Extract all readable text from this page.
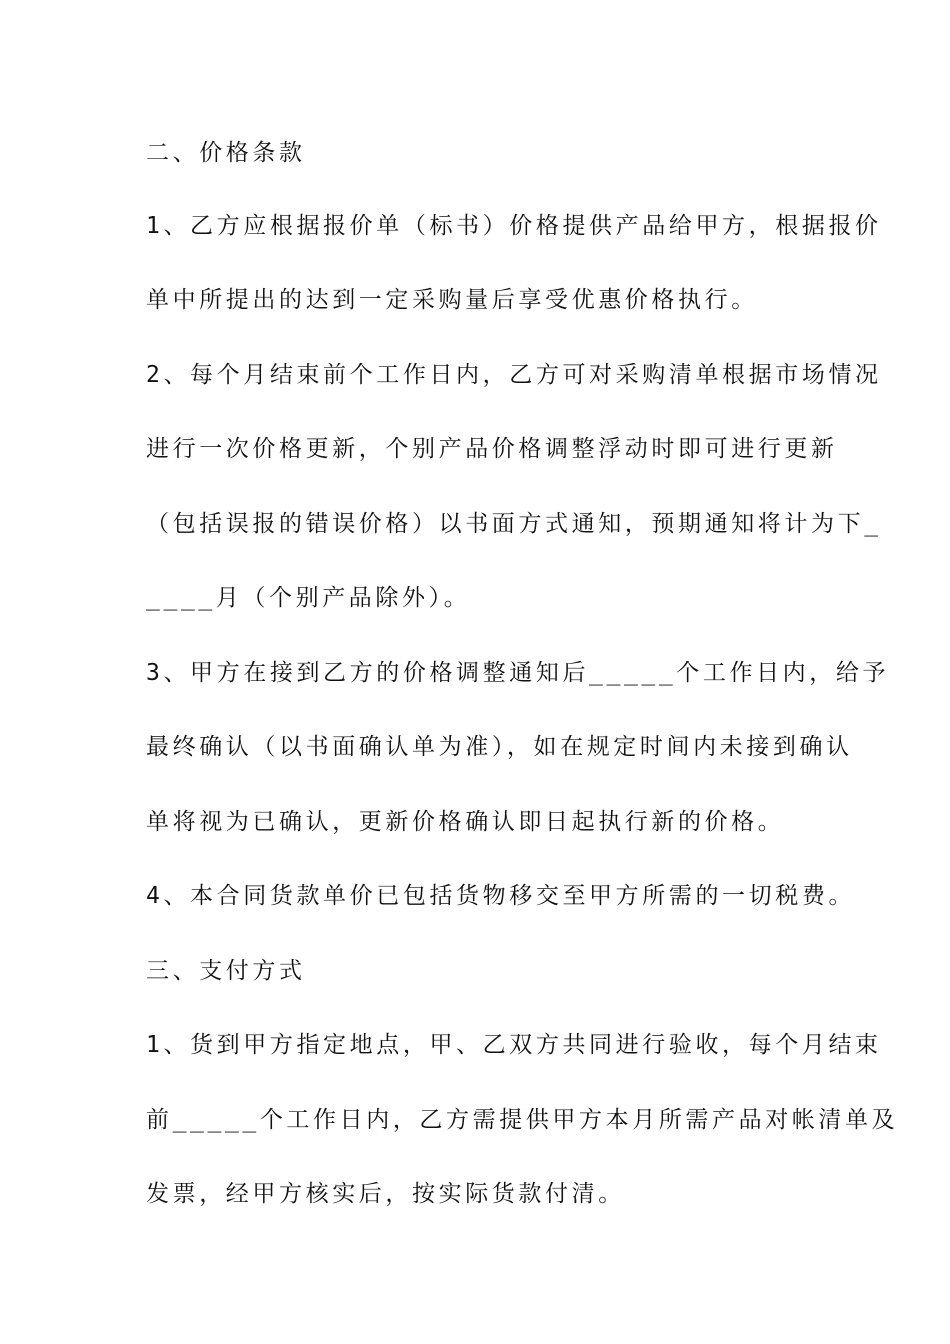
二、价格条款

1、乙方应根据报价单（标书）价格提供产品给甲方，根据报价

单中所提出的达到一定采购量后享受优惠价格执行。

2、每个月结束前个工作日内，乙方可对采购清单根据市场情况

进行一次价格更新，个别产品价格调整浮动时即可进行更新

（包括误报的错误价格）以书面方式通知，预期通知将计为下_

____月（个别产品除外）。

3、甲方在接到乙方的价格调整通知后_____个工作日内，给予

最终确认（以书面确认单为准），如在规定时间内未接到确认

单将视为已确认，更新价格确认即日起执行新的价格。

4、本合同货款单价已包括货物移交至甲方所需的一切税费。

三、支付方式

1、货到甲方指定地点，甲、乙双方共同进行验收，每个月结束

前_____个工作日内，乙方需提供甲方本月所需产品对帐清单及

发票，经甲方核实后，按实际货款付清。
